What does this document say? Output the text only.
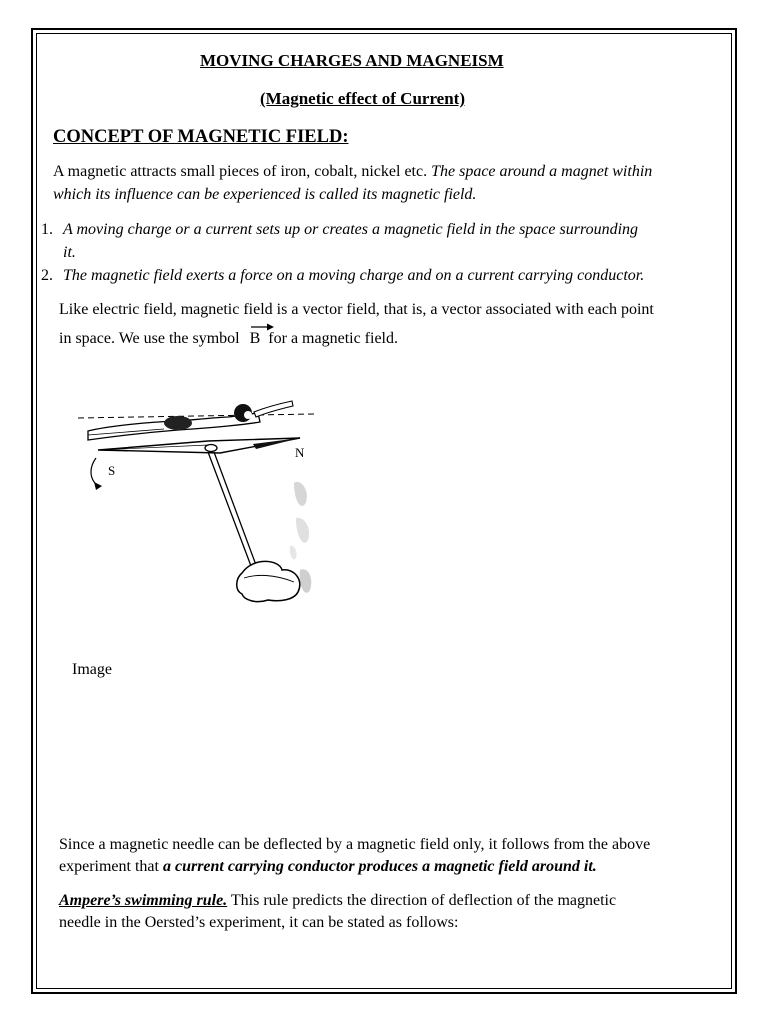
MOVING CHARGES AND MAGNEISM
(Magnetic effect of Current)
CONCEPT OF MAGNETIC FIELD:
A magnetic attracts small pieces of iron, cobalt, nickel etc. The space around a magnet within
which its influence can be experienced is called its magnetic field.
1. A moving charge or a current sets up or creates a magnetic field in the space surrounding
it.
2. The magnetic field exerts a force on a moving charge and on a current carrying conductor.
Like electric field, magnetic field is a vector field, that is, a vector associated with each point
in space. We use the symbol B for a magnetic field.
S
N
Image
Since a magnetic needle can be deflected by a magnetic field only, it follows from the above
experiment that a current carrying conductor produces a magnetic field around it.
Ampere’s swimming rule. This rule predicts the direction of deflection of the magnetic
needle in the Oersted’s experiment, it can be stated as follows:
